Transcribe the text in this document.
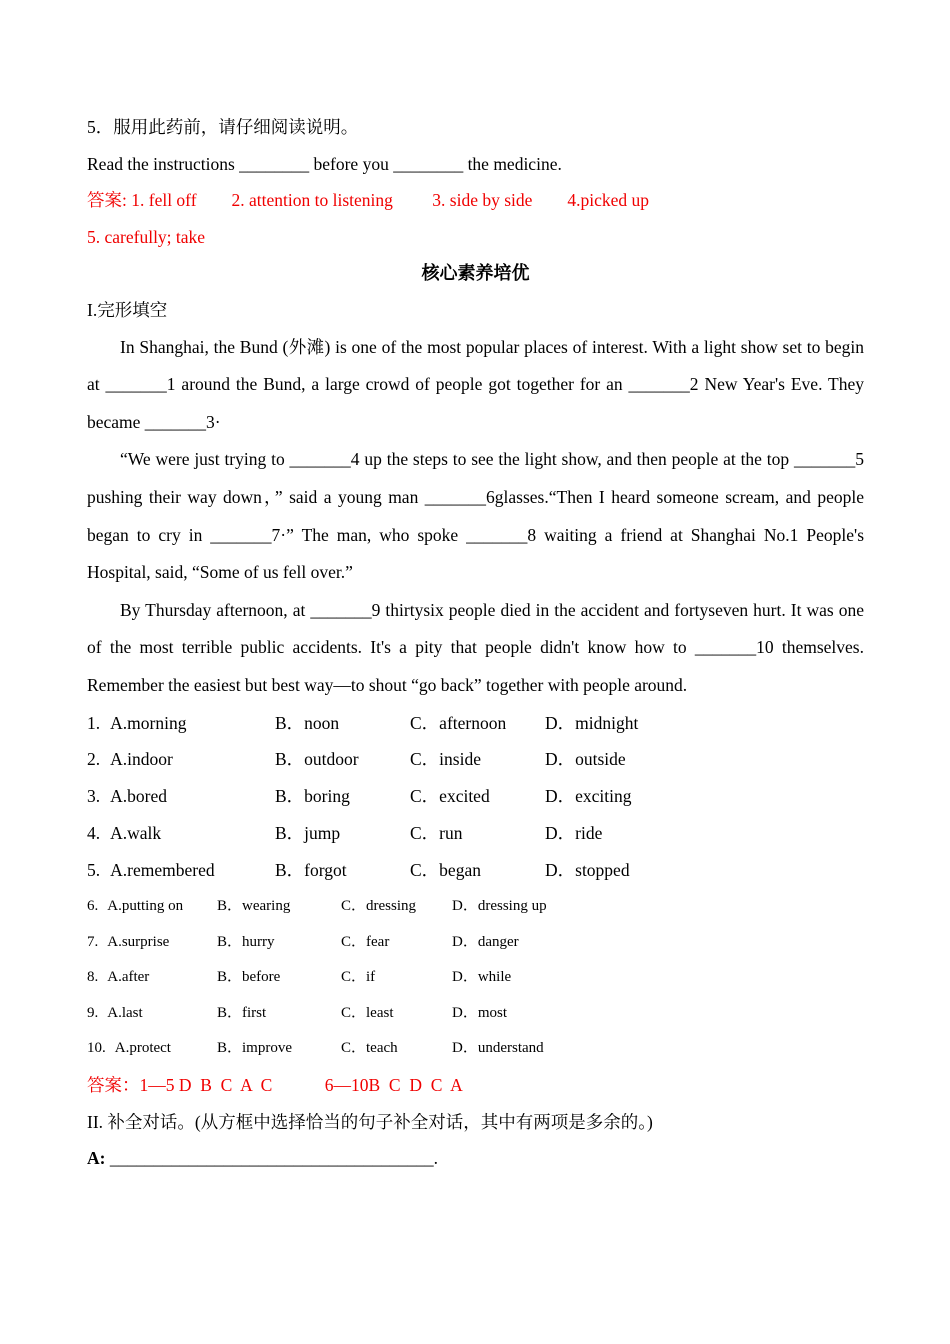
5．服用此药前，请仔细阅读说明。

Read the instructions ________ before you ________ the medicine.

答案: 1. fell off　　2. attention to listening　　 3. side by side　　4.picked up

5. carefully; take

核心素养培优

I.完形填空

In Shanghai, the Bund (外滩) is one of the most popular places of interest. With a light show set to begin at _______1 around the Bund, a large crowd of people got together for an _______2 New Year's Eve. They became _______3·

“We were just trying to _______4 up the steps to see the light show, and then people at the top _______5 pushing their way down，” said a young man _______6glasses.“Then I heard someone scream, and people began to cry in _______7·” The man, who spoke _______8 waiting a friend at Shanghai No.1 People's Hospital, said, “Some of us fell over.”

By Thursday afternoon, at _______9 thirtysix people died in the accident and fortyseven hurt. It was one of the most terrible public accidents. It's a pity that people didn't know how to _______10 themselves. Remember the easiest but best way—to shout “go back” together with people around.

1. A.morning	B．noon	C．afternoon	D．midnight
2. A.indoor	B．outdoor	C．inside	D．outside
3. A.bored	B．boring	C．excited	D．exciting
4. A.walk	B．jump	C．run	D．ride
5. A.remembered	B．forgot	C．began	D．stopped
6. A.putting on	B．wearing	C．dressing	D．dressing up
7. A.surprise	B．hurry	C．fear	D．danger
8. A.after	B．before	C．if	D．while
9. A.last	B．first	C．least	D．most
10. A.protect	B．improve	C．teach	D．understand

答案：1—5 D  B  C  A  C　　　6—10B  C  D  C  A

II. 补全对话。(从方框中选择恰当的句子补全对话，其中有两项是多余的。)

A: _____________________________________.
